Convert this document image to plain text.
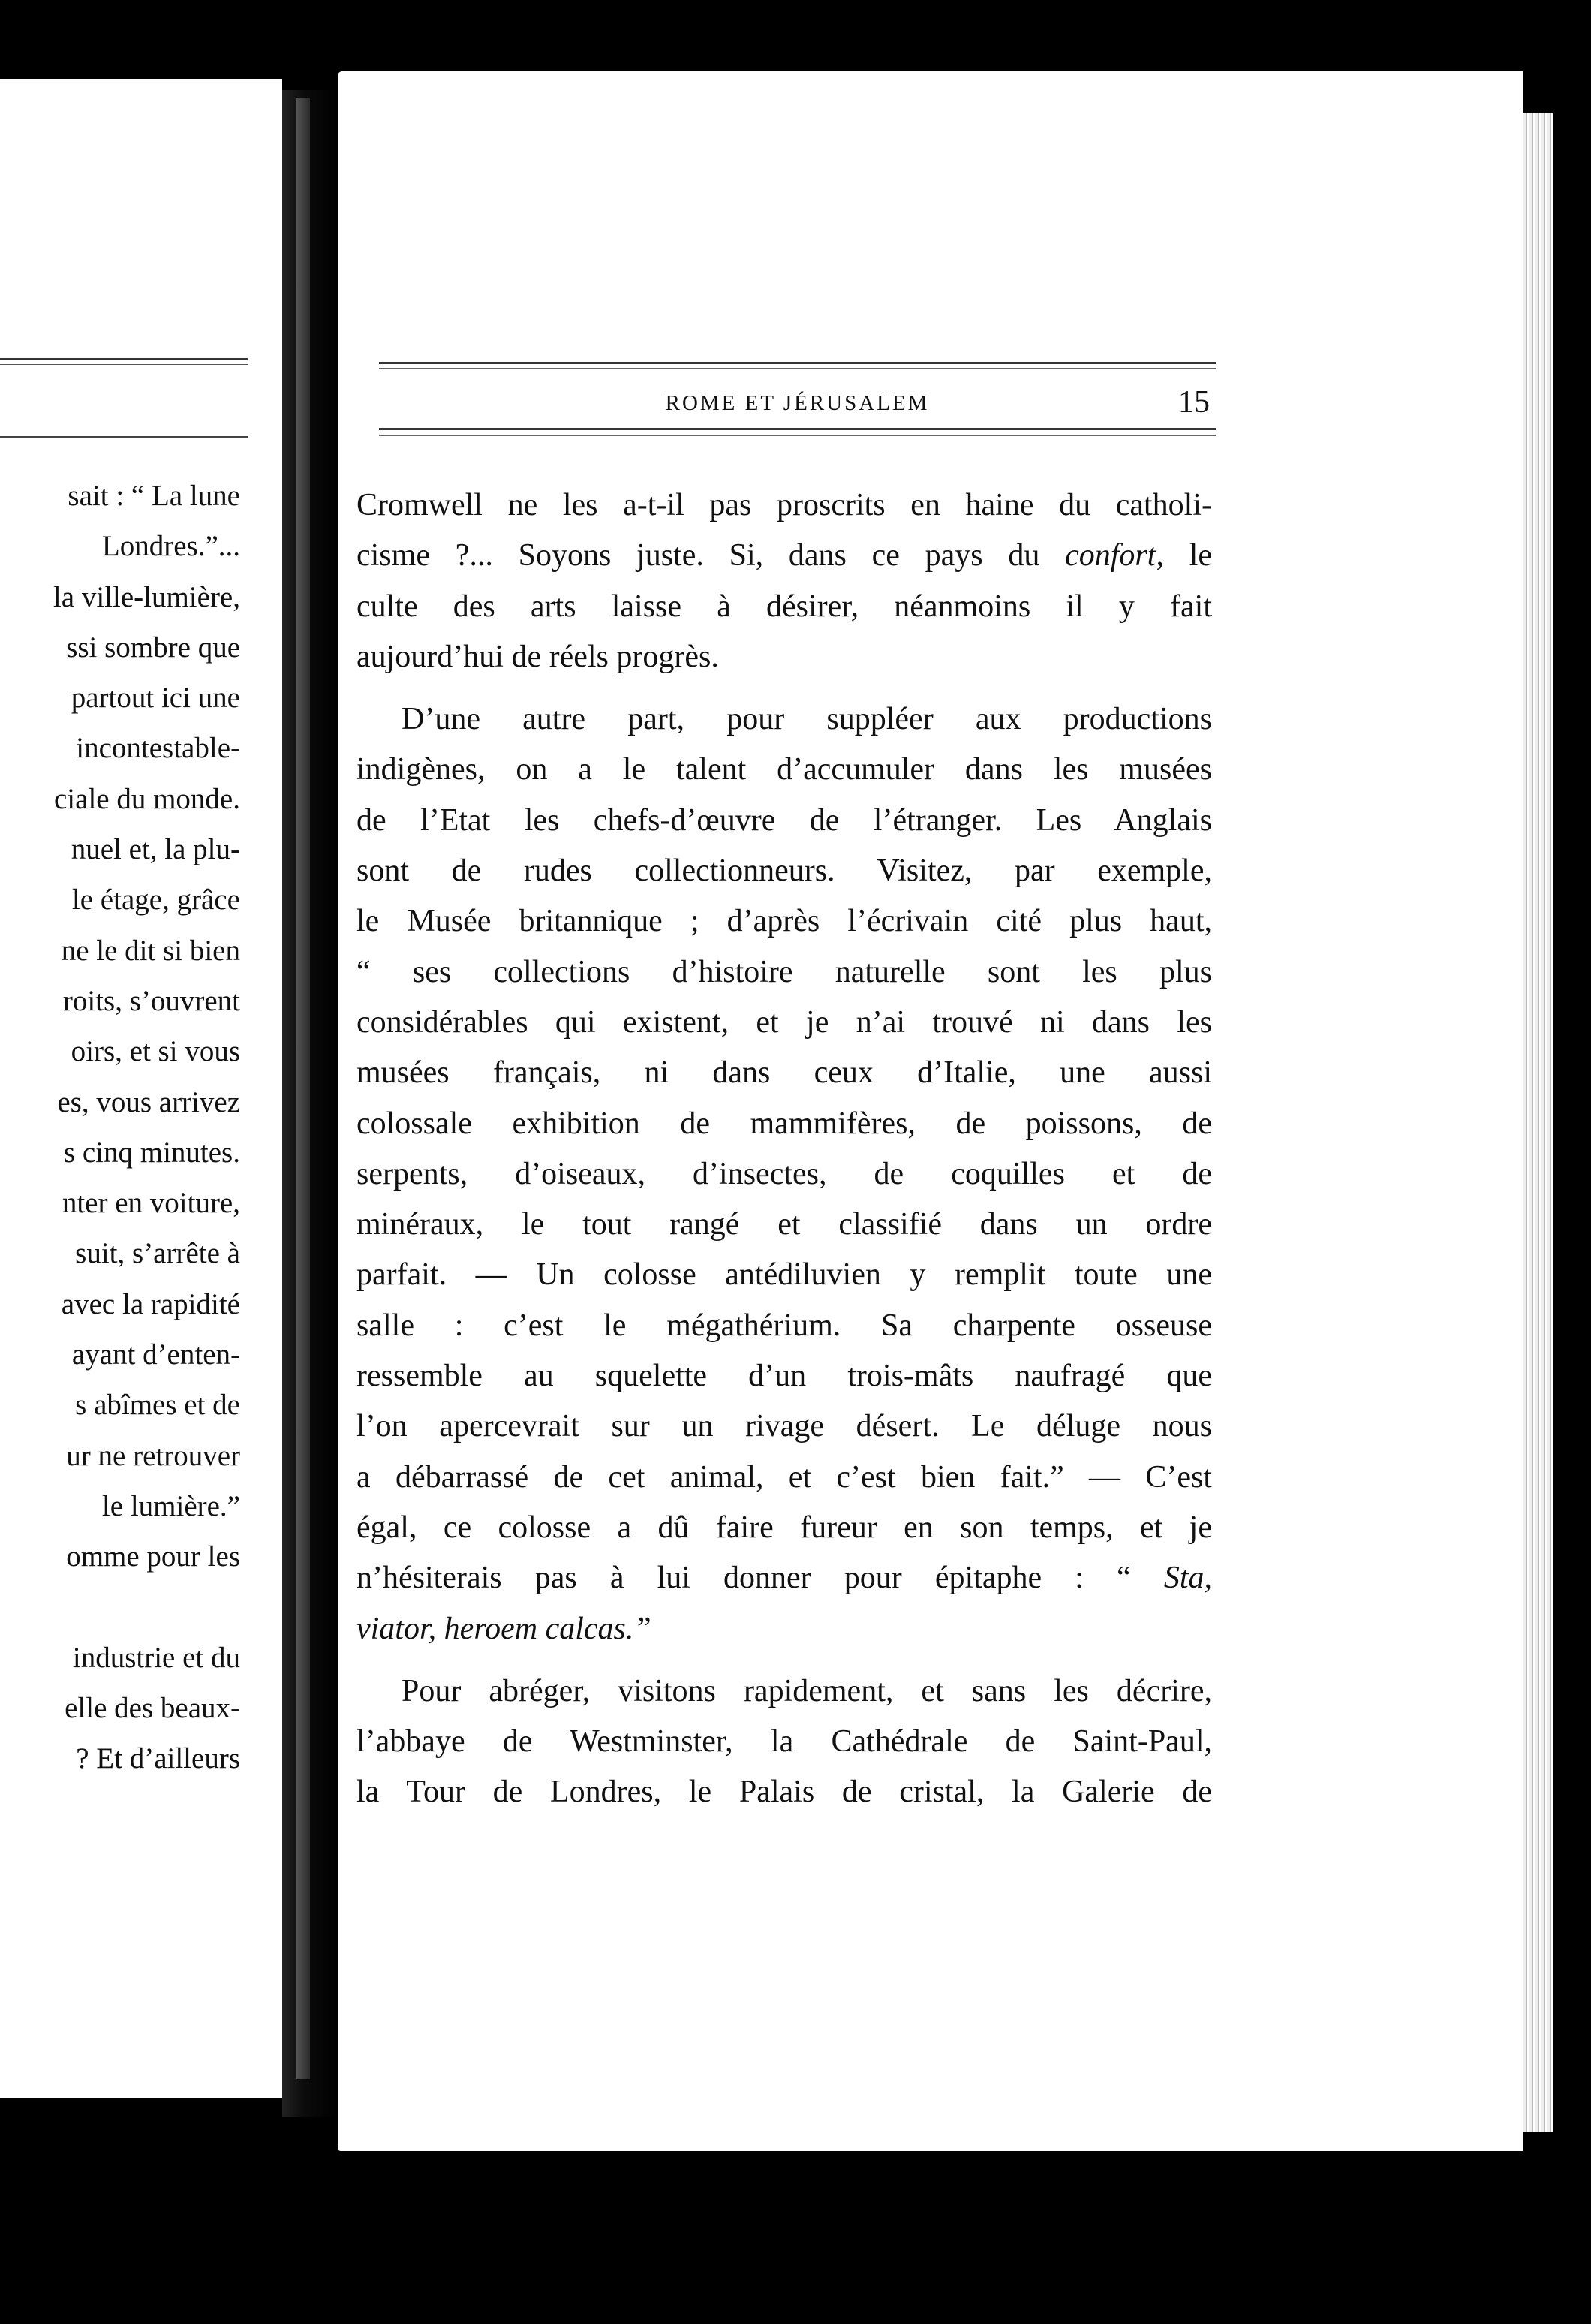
sait : “ La lune
Londres.”...
la ville-lumière,
ssi sombre que
partout ici une
incontestable-
ciale du monde.
nuel et, la plu-
le étage, grâce
ne le dit si bien
roits, s’ouvrent
oirs, et si vous
es, vous arrivez
s cinq minutes.
nter en voiture,
suit, s’arrête à
avec la rapidité
ayant d’enten-
s abîmes et de
ur ne retrouver
le lumière.”
omme pour les
industrie et du
elle des beaux-
? Et d’ailleurs
ROME ET JÉRUSALEM	15
Cromwell ne les a-t-il pas proscrits en haine du catholi-
cisme ?... Soyons juste. Si, dans ce pays du confort, le
culte des arts laisse à désirer, néanmoins il y fait
aujourd’hui de réels progrès.
D’une autre part, pour suppléer aux productions
indigènes, on a le talent d’accumuler dans les musées
de l’Etat les chefs-d’œuvre de l’étranger. Les Anglais
sont de rudes collectionneurs. Visitez, par exemple,
le Musée britannique ; d’après l’écrivain cité plus haut,
“ ses collections d’histoire naturelle sont les plus
considérables qui existent, et je n’ai trouvé ni dans les
musées français, ni dans ceux d’Italie, une aussi
colossale exhibition de mammifères, de poissons, de
serpents, d’oiseaux, d’insectes, de coquilles et de
minéraux, le tout rangé et classifié dans un ordre
parfait. — Un colosse antédiluvien y remplit toute une
salle : c’est le mégathérium. Sa charpente osseuse
ressemble au squelette d’un trois-mâts naufragé que
l’on apercevrait sur un rivage désert. Le déluge nous
a débarrassé de cet animal, et c’est bien fait.” — C’est
égal, ce colosse a dû faire fureur en son temps, et je
n’hésiterais pas à lui donner pour épitaphe : “ Sta,
viator, heroem calcas.”
Pour abréger, visitons rapidement, et sans les décrire,
l’abbaye de Westminster, la Cathédrale de Saint-Paul,
la Tour de Londres, le Palais de cristal, la Galerie de
